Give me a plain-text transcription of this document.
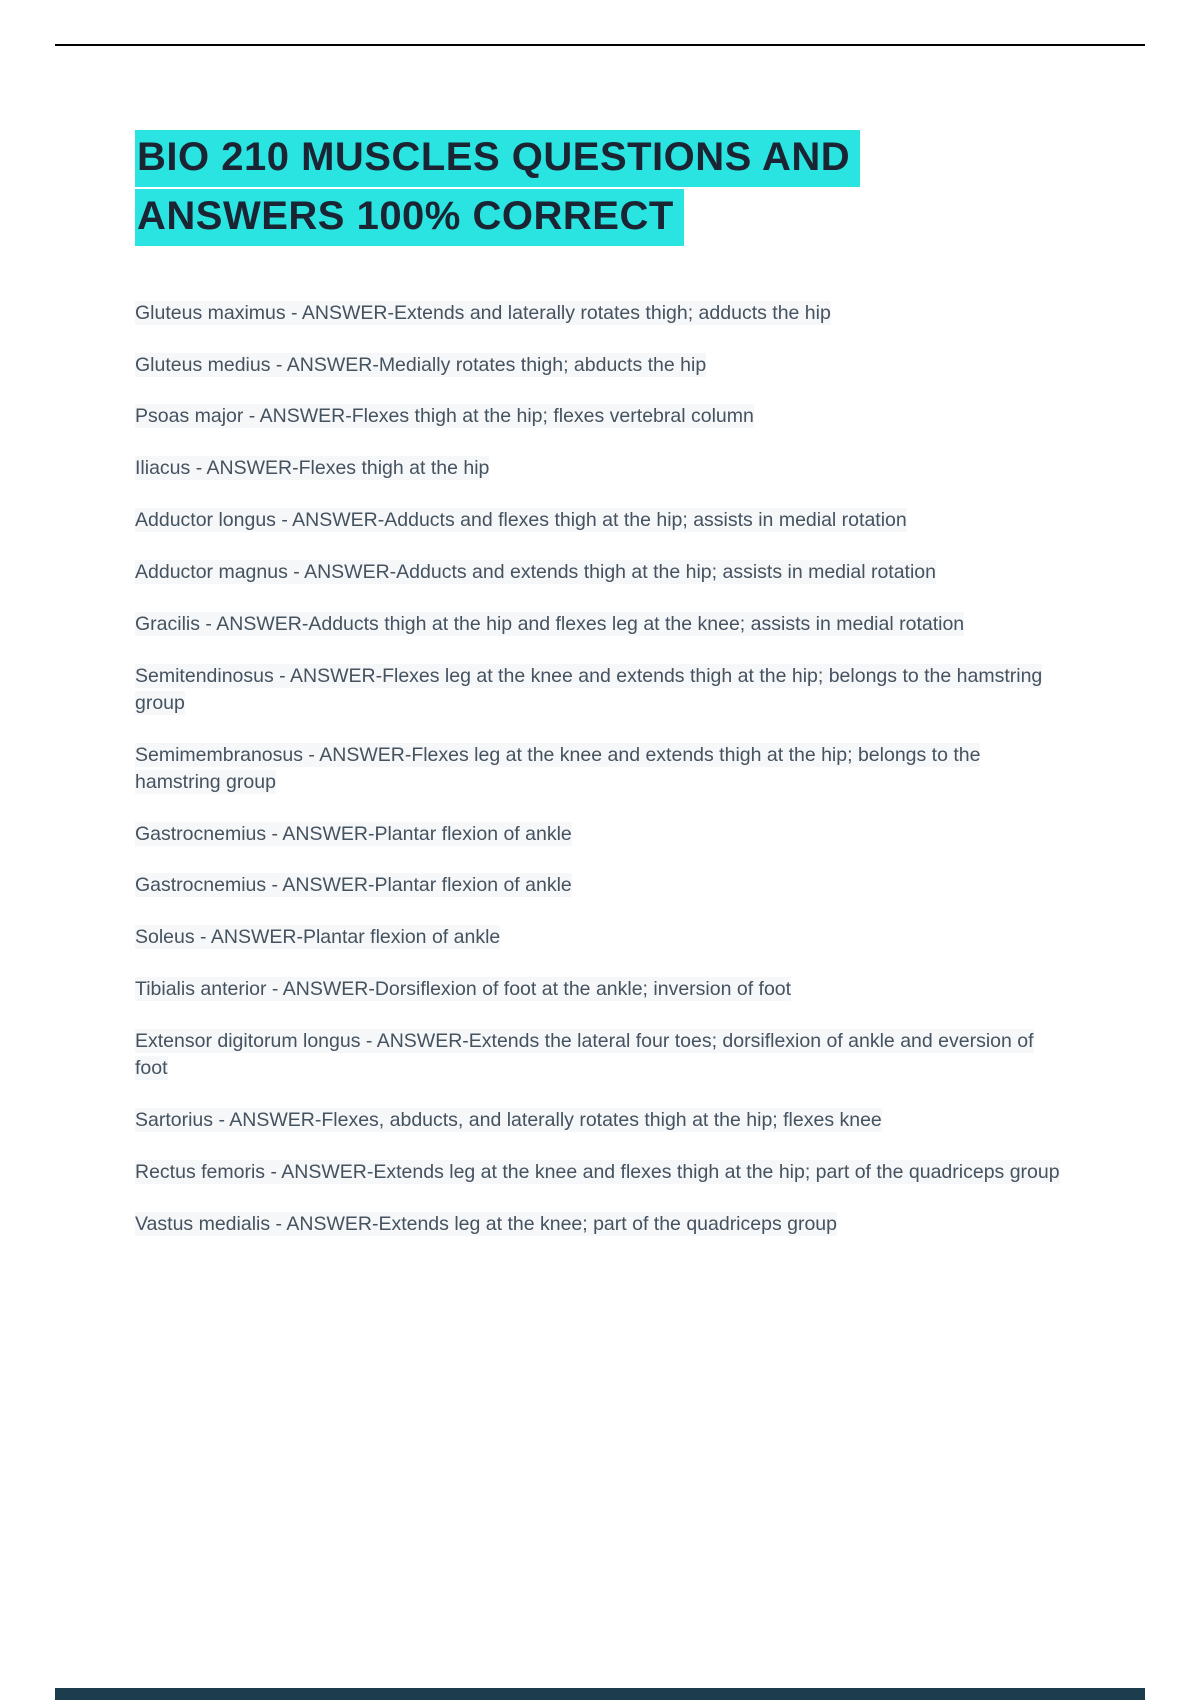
BIO 210 MUSCLES QUESTIONS AND
ANSWERS 100% CORRECT

Gluteus maximus - ANSWER-Extends and laterally rotates thigh; adducts the hip

Gluteus medius - ANSWER-Medially rotates thigh; abducts the hip

Psoas major - ANSWER-Flexes thigh at the hip; flexes vertebral column

Iliacus - ANSWER-Flexes thigh at the hip

Adductor longus - ANSWER-Adducts and flexes thigh at the hip; assists in medial rotation

Adductor magnus - ANSWER-Adducts and extends thigh at the hip; assists in medial rotation

Gracilis - ANSWER-Adducts thigh at the hip and flexes leg at the knee; assists in medial rotation

Semitendinosus - ANSWER-Flexes leg at the knee and extends thigh at the hip; belongs to the hamstring group

Semimembranosus - ANSWER-Flexes leg at the knee and extends thigh at the hip; belongs to the hamstring group

Gastrocnemius - ANSWER-Plantar flexion of ankle

Gastrocnemius - ANSWER-Plantar flexion of ankle

Soleus - ANSWER-Plantar flexion of ankle

Tibialis anterior - ANSWER-Dorsiflexion of foot at the ankle; inversion of foot

Extensor digitorum longus - ANSWER-Extends the lateral four toes; dorsiflexion of ankle and eversion of foot

Sartorius - ANSWER-Flexes, abducts, and laterally rotates thigh at the hip; flexes knee

Rectus femoris - ANSWER-Extends leg at the knee and flexes thigh at the hip; part of the quadriceps group

Vastus medialis - ANSWER-Extends leg at the knee; part of the quadriceps group
